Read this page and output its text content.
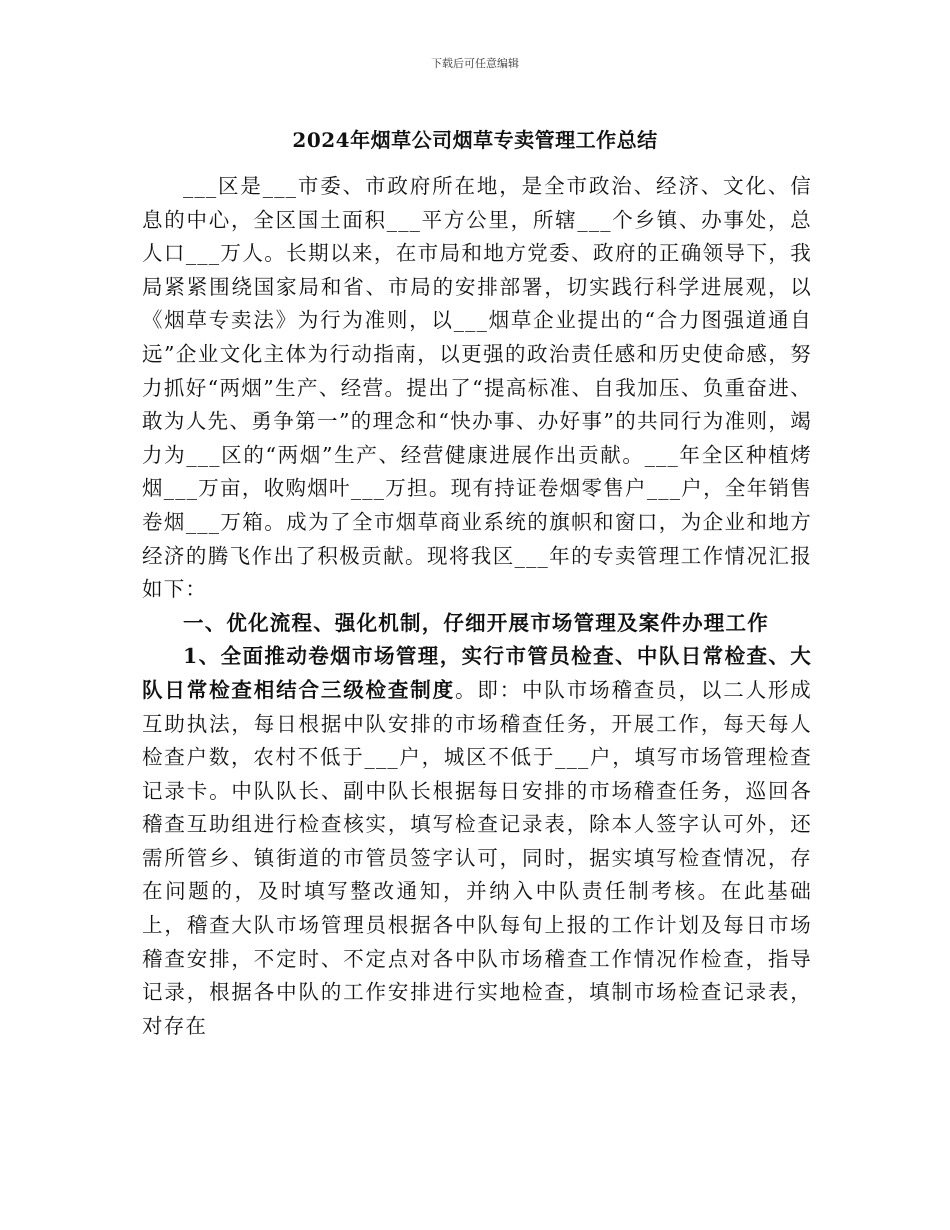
下载后可任意编辑
2024年烟草公司烟草专卖管理工作总结

___区是___市委、市政府所在地，是全市政治、经济、文化、信息的中心，全区国土面积___平方公里，所辖___个乡镇、办事处，总人口___万人。长期以来，在市局和地方党委、政府的正确领导下，我局紧紧围绕国家局和省、市局的安排部署，切实践行科学进展观，以《烟草专卖法》为行为准则，以___烟草企业提出的“合力图强道通自远”企业文化主体为行动指南，以更强的政治责任感和历史使命感，努力抓好“两烟”生产、经营。提出了“提高标准、自我加压、负重奋进、敢为人先、勇争第一”的理念和“快办事、办好事”的共同行为准则，竭力为___区的“两烟”生产、经营健康进展作出贡献。___年全区种植烤烟___万亩，收购烟叶___万担。现有持证卷烟零售户___户，全年销售卷烟___万箱。成为了全市烟草商业系统的旗帜和窗口，为企业和地方经济的腾飞作出了积极贡献。现将我区___年的专卖管理工作情况汇报如下：

一、优化流程、强化机制，仔细开展市场管理及案件办理工作

1、全面推动卷烟市场管理，实行市管员检查、中队日常检查、大队日常检查相结合三级检查制度。即：中队市场稽查员，以二人形成互助执法，每日根据中队安排的市场稽查任务，开展工作，每天每人检查户数，农村不低于___户，城区不低于___户，填写市场管理检查记录卡。中队队长、副中队长根据每日安排的市场稽查任务，巡回各稽查互助组进行检查核实，填写检查记录表，除本人签字认可外，还需所管乡、镇街道的市管员签字认可，同时，据实填写检查情况，存在问题的，及时填写整改通知，并纳入中队责任制考核。在此基础上，稽查大队市场管理员根据各中队每旬上报的工作计划及每日市场稽查安排，不定时、不定点对各中队市场稽查工作情况作检查，指导记录，根据各中队的工作安排进行实地检查，填制市场检查记录表，对存在
